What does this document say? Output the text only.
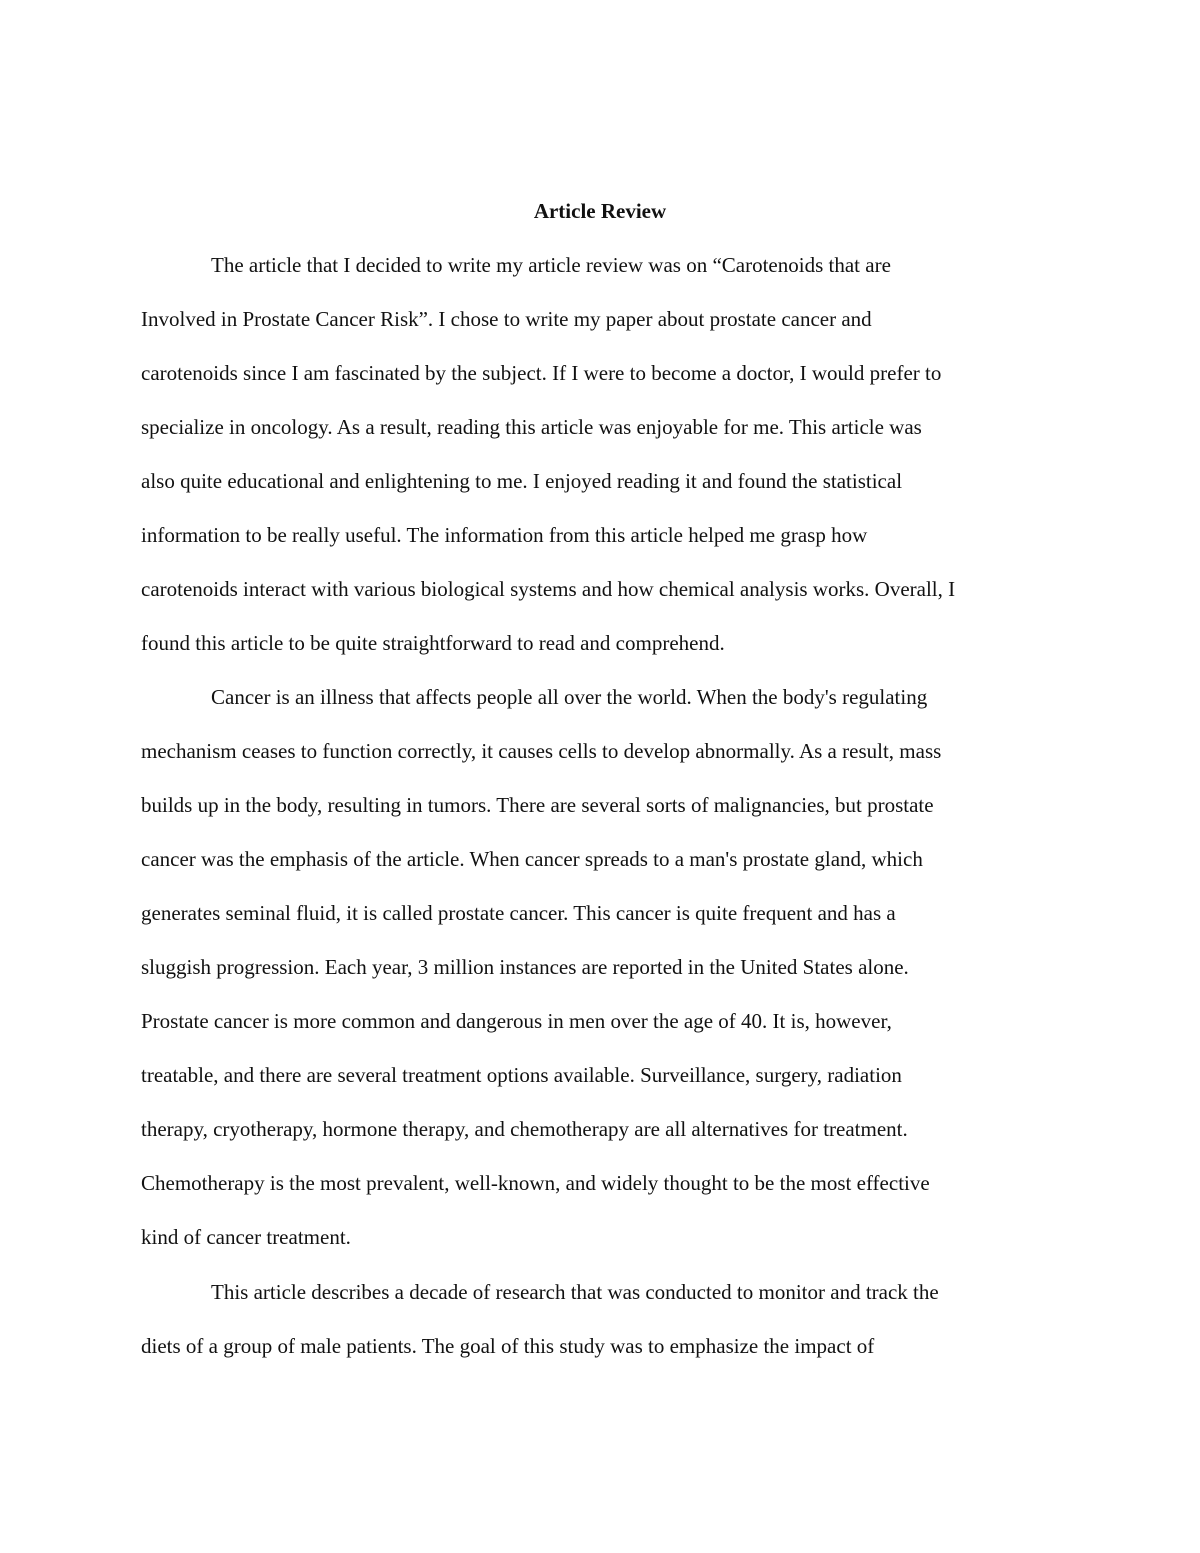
Article Review

The article that I decided to write my article review was on “Carotenoids that are

Involved in Prostate Cancer Risk”. I chose to write my paper about prostate cancer and

carotenoids since I am fascinated by the subject. If I were to become a doctor, I would prefer to

specialize in oncology. As a result, reading this article was enjoyable for me. This article was

also quite educational and enlightening to me. I enjoyed reading it and found the statistical

information to be really useful. The information from this article helped me grasp how

carotenoids interact with various biological systems and how chemical analysis works. Overall, I

found this article to be quite straightforward to read and comprehend.

Cancer is an illness that affects people all over the world. When the body's regulating

mechanism ceases to function correctly, it causes cells to develop abnormally. As a result, mass

builds up in the body, resulting in tumors. There are several sorts of malignancies, but prostate

cancer was the emphasis of the article. When cancer spreads to a man's prostate gland, which

generates seminal fluid, it is called prostate cancer. This cancer is quite frequent and has a

sluggish progression. Each year, 3 million instances are reported in the United States alone.

Prostate cancer is more common and dangerous in men over the age of 40. It is, however,

treatable, and there are several treatment options available. Surveillance, surgery, radiation

therapy, cryotherapy, hormone therapy, and chemotherapy are all alternatives for treatment.

Chemotherapy is the most prevalent, well-known, and widely thought to be the most effective

kind of cancer treatment.

This article describes a decade of research that was conducted to monitor and track the

diets of a group of male patients. The goal of this study was to emphasize the impact of
